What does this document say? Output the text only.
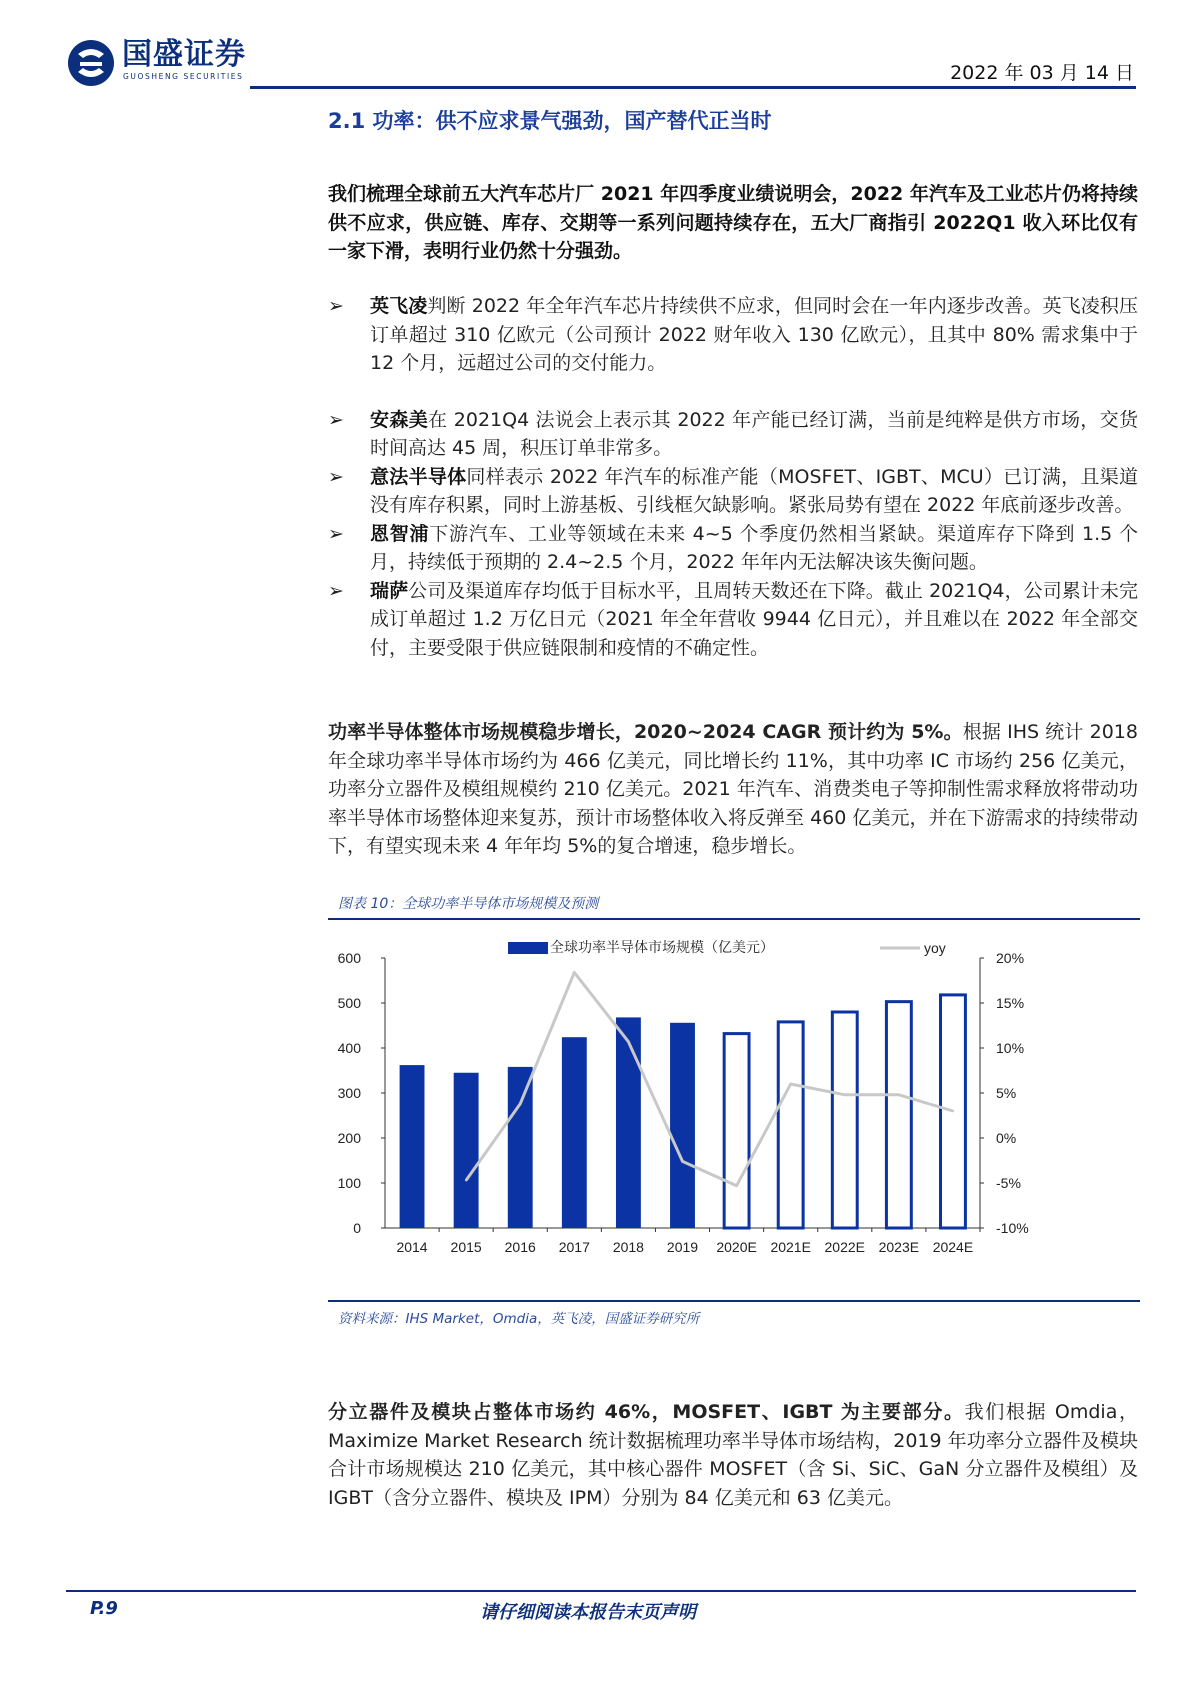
国盛证券
GUOSHENG SECURITIES	2022 年 03 月 14 日
2.1 功率：供不应求景气强劲，国产替代正当时

我们梳理全球前五大汽车芯片厂 2021 年四季度业绩说明会，2022 年汽车及工业芯片仍将持续供不应求，供应链、库存、交期等一系列问题持续存在，五大厂商指引 2022Q1 收入环比仅有一家下滑，表明行业仍然十分强劲。

➢ 英飞凌判断 2022 年全年汽车芯片持续供不应求，但同时会在一年内逐步改善。英飞凌积压订单超过 310 亿欧元（公司预计 2022 财年收入 130 亿欧元），且其中 80% 需求集中于 12 个月，远超过公司的交付能力。
➢ 安森美在 2021Q4 法说会上表示其 2022 年产能已经订满，当前是纯粹是供方市场，交货时间高达 45 周，积压订单非常多。
➢ 意法半导体同样表示 2022 年汽车的标准产能（MOSFET、IGBT、MCU）已订满，且渠道没有库存积累，同时上游基板、引线框欠缺影响。紧张局势有望在 2022 年底前逐步改善。
➢ 恩智浦下游汽车、工业等领域在未来 4~5 个季度仍然相当紧缺。渠道库存下降到 1.5 个月，持续低于预期的 2.4~2.5 个月，2022 年年内无法解决该失衡问题。
➢ 瑞萨公司及渠道库存均低于目标水平，且周转天数还在下降。截止 2021Q4，公司累计未完成订单超过 1.2 万亿日元（2021 年全年营收 9944 亿日元），并且难以在 2022 年全部交付，主要受限于供应链限制和疫情的不确定性。

功率半导体整体市场规模稳步增长，2020~2024 CAGR 预计约为 5%。根据 IHS 统计 2018 年全球功率半导体市场约为 466 亿美元，同比增长约 11%，其中功率 IC 市场约 256 亿美元，功率分立器件及模组规模约 210 亿美元。2021 年汽车、消费类电子等抑制性需求释放将带动功率半导体市场整体迎来复苏，预计市场整体收入将反弹至 460 亿美元，并在下游需求的持续带动下，有望实现未来 4 年年均 5%的复合增速，稳步增长。

图表 10：全球功率半导体市场规模及预测
全球功率半导体市场规模（亿美元）	yoy
0
100
200
300
400
500
600
-10%
-5%
0%
5%
10%
15%
20%
2014 2015 2016 2017 2018 2019 2020E 2021E 2022E 2023E 2024E
资料来源：IHS Market，Omdia，英飞凌，国盛证券研究所

分立器件及模块占整体市场约 46%，MOSFET、IGBT 为主要部分。我们根据 Omdia，Maximize Market Research 统计数据梳理功率半导体市场结构，2019 年功率分立器件及模块合计市场规模达 210 亿美元，其中核心器件 MOSFET（含 Si、SiC、GaN 分立器件及模组）及 IGBT（含分立器件、模块及 IPM）分别为 84 亿美元和 63 亿美元。

P.9	请仔细阅读本报告末页声明
